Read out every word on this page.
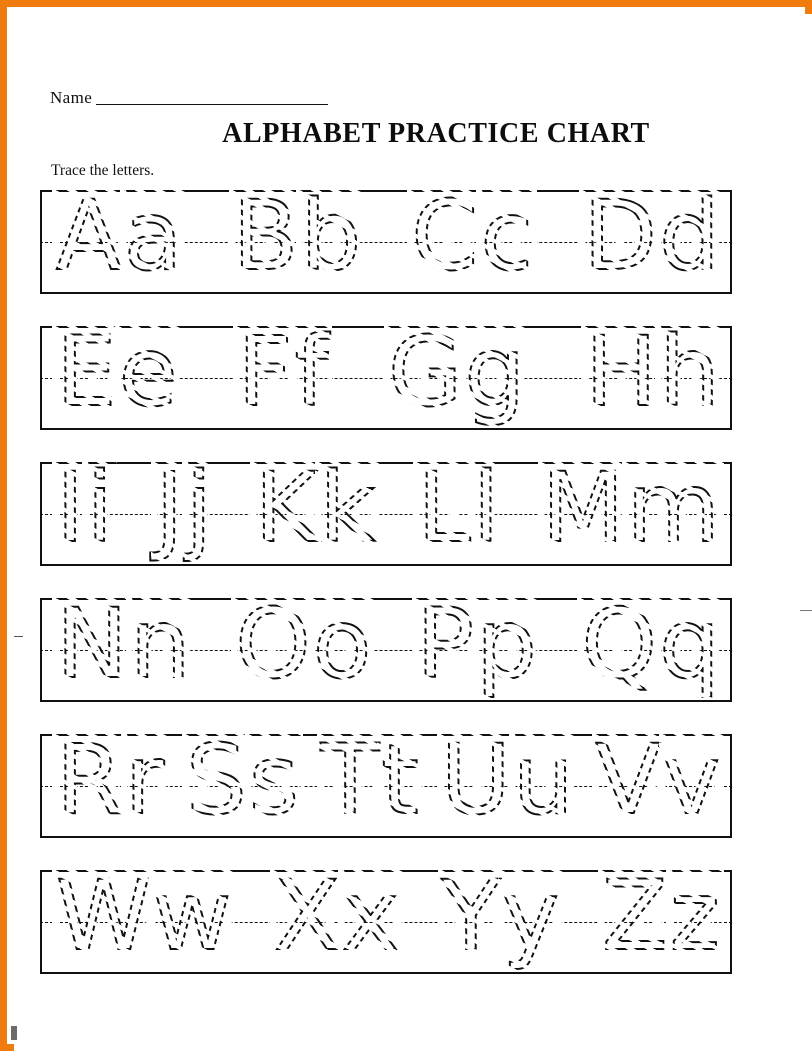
Name
ALPHABET PRACTICE CHART
Trace the letters.
A a B b C c D d
E e F f G g H h
I i J j K k L l M m
N n O o P p Q q
R r S s T t U u V v
W w X x Y y Z z
